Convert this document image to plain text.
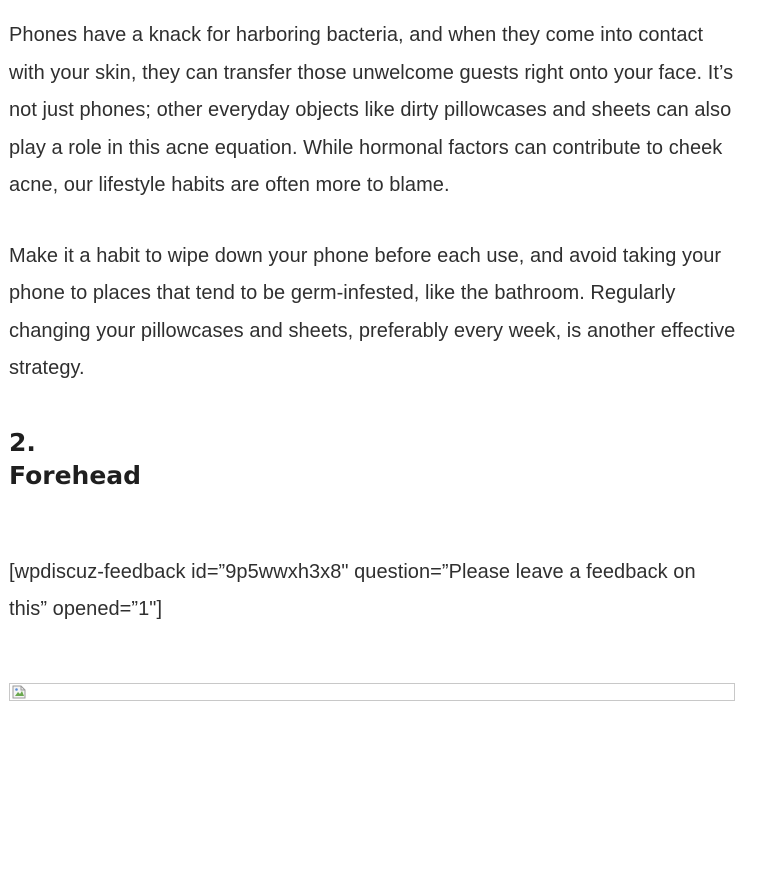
Phones have a knack for harboring bacteria, and when they come into contact with your skin, they can transfer those unwelcome guests right onto your face. It’s not just phones; other everyday objects like dirty pillowcases and sheets can also play a role in this acne equation. While hormonal factors can contribute to cheek acne, our lifestyle habits are often more to blame.

Make it a habit to wipe down your phone before each use, and avoid taking your phone to places that tend to be germ-infested, like the bathroom. Regularly changing your pillowcases and sheets, preferably every week, is another effective strategy.

2.
Forehead

[wpdiscuz-feedback id=”9p5wwxh3x8" question=”Please leave a feedback on this” opened=”1"]
